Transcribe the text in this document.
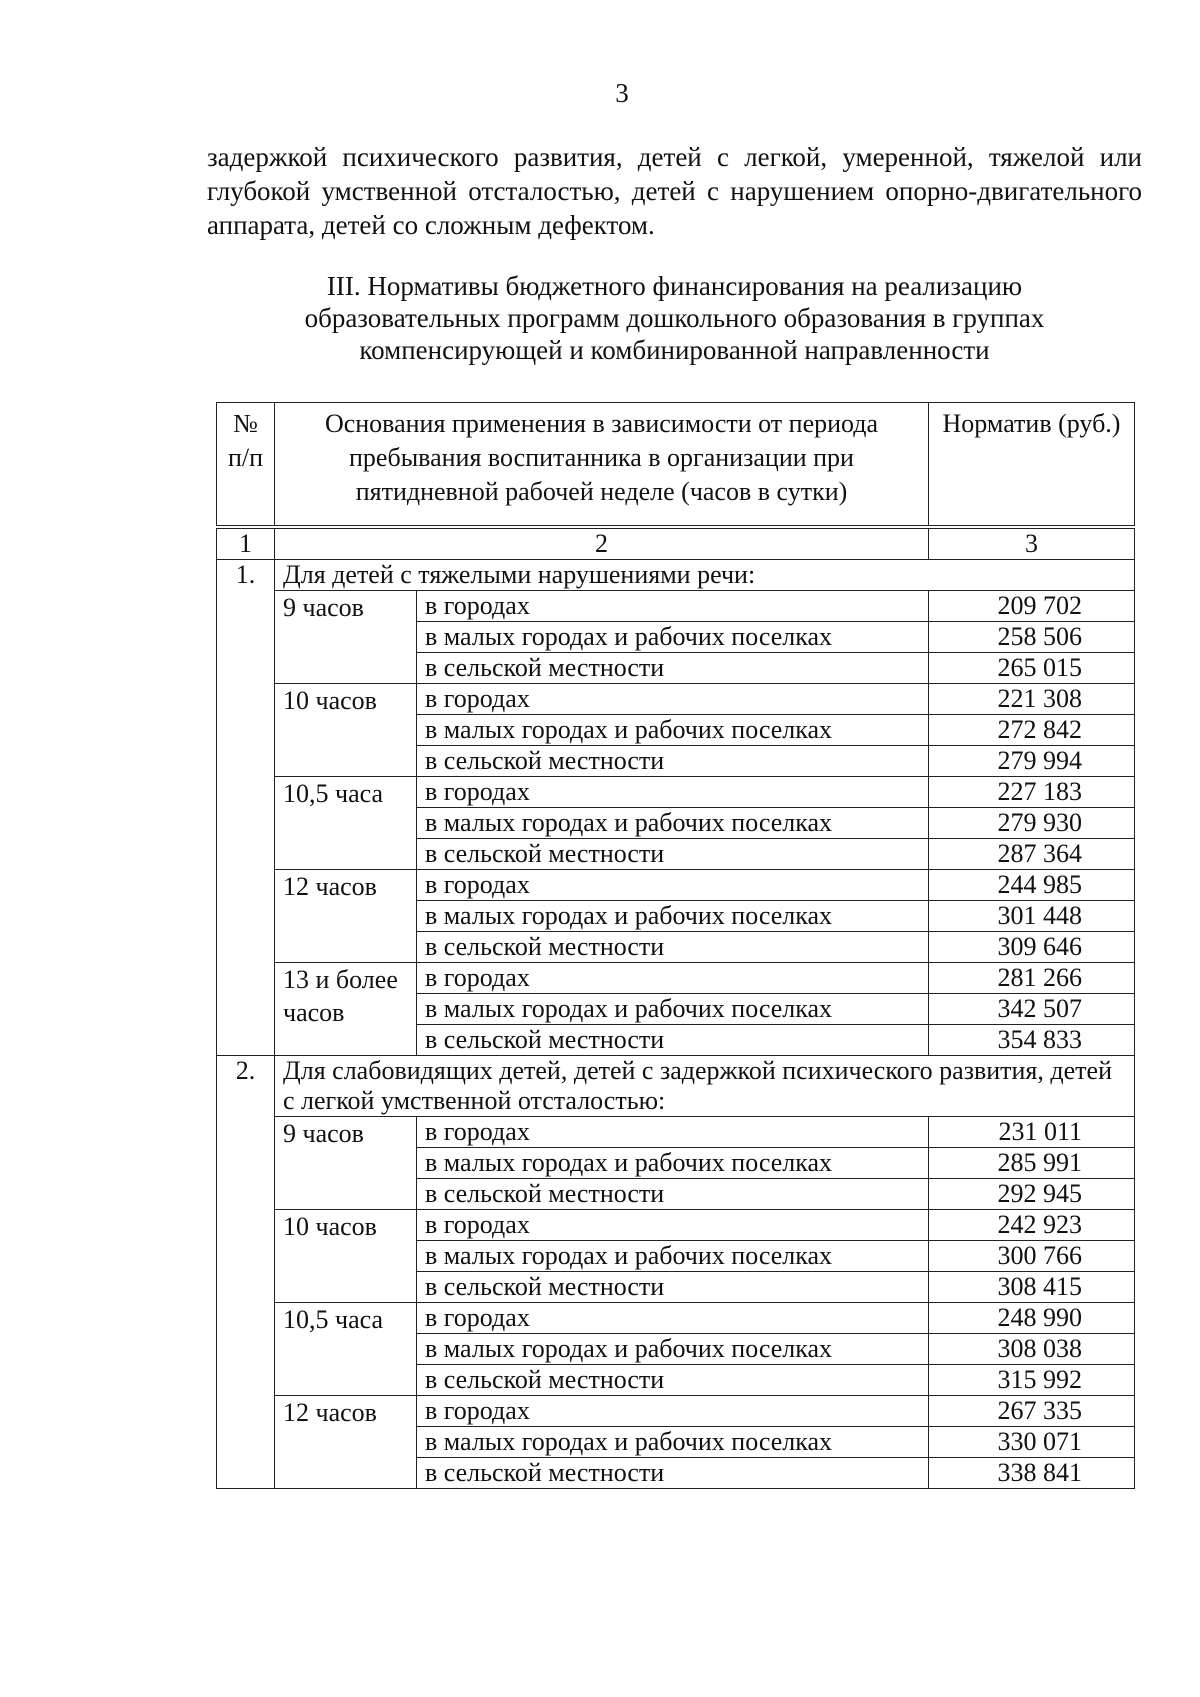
3
задержкой психического развития, детей с легкой, умеренной, тяжелой или
глубокой умственной отсталостью, детей с нарушением опорно-двигательного
аппарата, детей со сложным дефектом.
III. Нормативы бюджетного финансирования на реализацию
образовательных программ дошкольного образования в группах
компенсирующей и комбинированной направленности
№ п/п	Основания применения в зависимости от периода пребывания воспитанника в организации при пятидневной рабочей неделе (часов в сутки)		Норматив (руб.)
1	2		3
1.	Для детей с тяжелыми нарушениями речи:		
	9 часов	в городах	209 702
		в малых городах и рабочих поселках	258 506
		в сельской местности	265 015
	10 часов	в городах	221 308
		в малых городах и рабочих поселках	272 842
		в сельской местности	279 994
	10,5 часа	в городах	227 183
		в малых городах и рабочих поселках	279 930
		в сельской местности	287 364
	12 часов	в городах	244 985
		в малых городах и рабочих поселках	301 448
		в сельской местности	309 646
	13 и более часов	в городах	281 266
		в малых городах и рабочих поселках	342 507
		в сельской местности	354 833
2.	Для слабовидящих детей, детей с задержкой психического развития, детей с легкой умственной отсталостью:		
	9 часов	в городах	231 011
		в малых городах и рабочих поселках	285 991
		в сельской местности	292 945
	10 часов	в городах	242 923
		в малых городах и рабочих поселках	300 766
		в сельской местности	308 415
	10,5 часа	в городах	248 990
		в малых городах и рабочих поселках	308 038
		в сельской местности	315 992
	12 часов	в городах	267 335
		в малых городах и рабочих поселках	330 071
		в сельской местности	338 841
